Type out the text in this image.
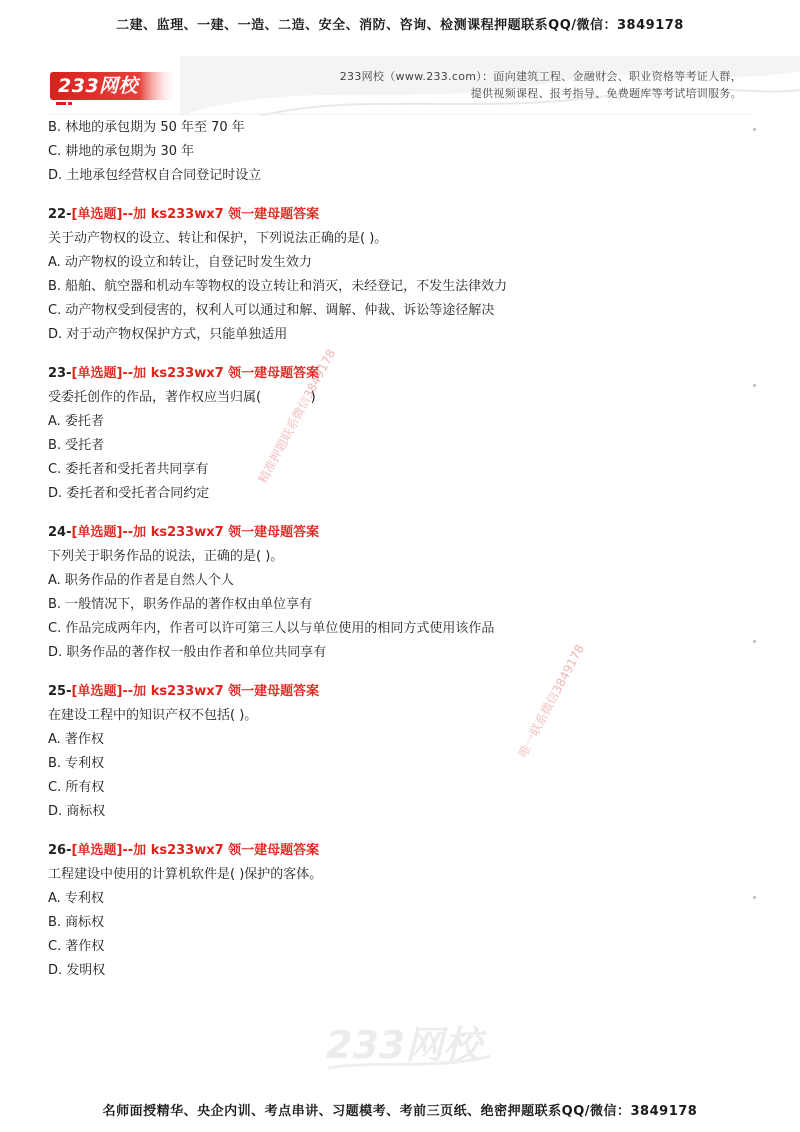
二建、监理、一建、一造、二造、安全、消防、咨询、检测课程押题联系QQ/微信：3849178
233网校	233网校（www.233.com）：面向建筑工程、金融财会、职业资格等考证人群，
提供视频课程、报考指导、免费题库等考试培训服务。
B. 林地的承包期为 50 年至 70 年
C. 耕地的承包期为 30 年
D. 土地承包经营权自合同登记时设立
22-[单选题]--加 ks233wx7 领一建母题答案
关于动产物权的设立、转让和保护，下列说法正确的是( )。
A. 动产物权的设立和转让，自登记时发生效力
B. 船舶、航空器和机动车等物权的设立转让和消灭，未经登记，不发生法律效力
C. 动产物权受到侵害的，权利人可以通过和解、调解、仲裁、诉讼等途径解决
D. 对于动产物权保护方式，只能单独适用
23-[单选题]--加 ks233wx7 领一建母题答案
受委托创作的作品，著作权应当归属(            )
A. 委托者
B. 受托者
C. 委托者和受托者共同享有
D. 委托者和受托者合同约定
24-[单选题]--加 ks233wx7 领一建母题答案
下列关于职务作品的说法，正确的是( )。
A. 职务作品的作者是自然人个人
B. 一般情况下，职务作品的著作权由单位享有
C. 作品完成两年内，作者可以许可第三人以与单位使用的相同方式使用该作品
D. 职务作品的著作权一般由作者和单位共同享有
25-[单选题]--加 ks233wx7 领一建母题答案
在建设工程中的知识产权不包括( )。
A. 著作权
B. 专利权
C. 所有权
D. 商标权
26-[单选题]--加 ks233wx7 领一建母题答案
工程建设中使用的计算机软件是( )保护的客体。
A. 专利权
B. 商标权
C. 著作权
D. 发明权
精准押题联系微信3849178
唯一联系微信3849178
233网校
名师面授精华、央企内训、考点串讲、习题模考、考前三页纸、绝密押题联系QQ/微信：3849178
